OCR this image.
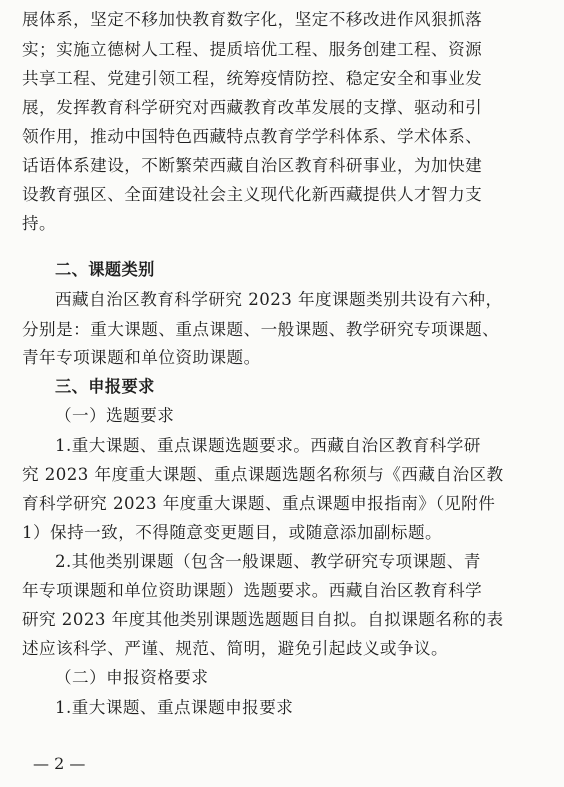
展体系，坚定不移加快教育数字化，坚定不移改进作风狠抓落
实；实施立德树人工程、提质培优工程、服务创建工程、资源
共享工程、党建引领工程，统筹疫情防控、稳定安全和事业发
展，发挥教育科学研究对西藏教育改革发展的支撑、驱动和引
领作用，推动中国特色西藏特点教育学学科体系、学术体系、
话语体系建设，不断繁荣西藏自治区教育科研事业，为加快建
设教育强区、全面建设社会主义现代化新西藏提供人才智力支
持。
二、课题类别
西藏自治区教育科学研究 2023 年度课题类别共设有六种，
分别是：重大课题、重点课题、一般课题、教学研究专项课题、
青年专项课题和单位资助课题。
三、申报要求
（一）选题要求
1.重大课题、重点课题选题要求。西藏自治区教育科学研
究 2023 年度重大课题、重点课题选题名称须与《西藏自治区教
育科学研究 2023 年度重大课题、重点课题申报指南》（见附件
1）保持一致，不得随意变更题目，或随意添加副标题。
2.其他类别课题（包含一般课题、教学研究专项课题、青
年专项课题和单位资助课题）选题要求。西藏自治区教育科学
研究 2023 年度其他类别课题选题题目自拟。自拟课题名称的表
述应该科学、严谨、规范、简明，避免引起歧义或争议。
（二）申报资格要求
1.重大课题、重点课题申报要求
— 2 —
